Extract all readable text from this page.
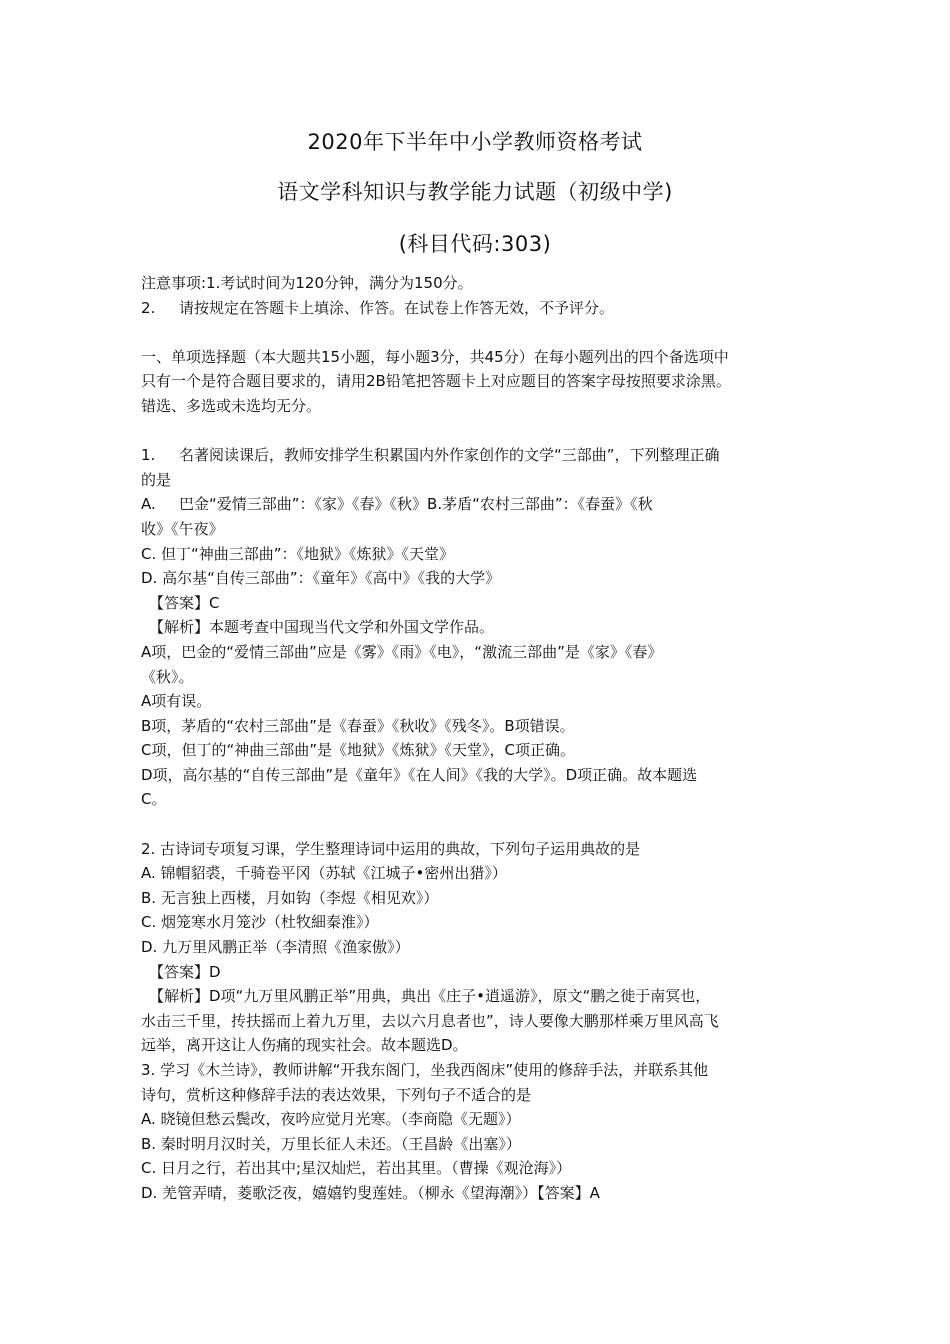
2020年下半年中小学教师资格考试
语文学科知识与教学能力试题（初级中学)
(科目代码:303)
注意事项:1.考试时间为120分钟，满分为150分。
2. 请按规定在答题卡上填涂、作答。在试卷上作答无效，不予评分。
一、单项选择题（本大题共15小题，每小题3分，共45分）在每小题列出的四个备选项中
只有一个是符合题目要求的，请用2B铅笔把答题卡上对应题目的答案字母按照要求涂黑。
错选、多选或未选均无分。
1. 名著阅读课后，教师安排学生积累国内外作家创作的文学“三部曲”，下列整理正确
的是
A. 巴金“爱情三部曲”：《家》《春》《秋》B.茅盾“农村三部曲”：《春蚕》《秋
收》《午夜》
C. 但丁“神曲三部曲”：《地狱》《炼狱》《天堂》
D. 高尔基“自传三部曲”：《童年》《高中》《我的大学》
【答案】C
【解析】本题考查中国现当代文学和外国文学作品。
A项，巴金的“爱情三部曲”应是《雾》《雨》《电》，“激流三部曲”是《家》《春》
《秋》。
A项有误。
B项，茅盾的“农村三部曲”是《春蚕》《秋收》《残冬》。B项错误。
C项，但丁的“神曲三部曲”是《地狱》《炼狱》《天堂》，C项正确。
D项，高尔基的“自传三部曲”是《童年》《在人间》《我的大学》。D项正确。故本题选
C。
2. 古诗词专项复习课，学生整理诗词中运用的典故，下列句子运用典故的是
A. 锦帽貂裘，千骑卷平冈（苏轼《江城子•密州出猎》）
B. 无言独上西楼，月如钩（李煜《相见欢》）
C. 烟笼寒水月笼沙（杜牧細秦淮》）
D. 九万里风鹏正举（李清照《渔家傲》）
【答案】D
【解析】D项“九万里风鹏正举”用典，典出《庄子•逍遥游》，原文“鹏之徙于南冥也，
水击三千里，抟扶摇而上着九万里，去以六月息者也”，诗人要像大鹏那样乘万里风高飞
远举，离开这让人伤痛的现实社会。故本题选D。
3. 学习《木兰诗》，教师讲解“开我东阁门，坐我西阁床”使用的修辞手法，并联系其他
诗句，赏析这种修辞手法的表达效果，下列句子不适合的是
A. 晓镜但愁云鬓改，夜吟应觉月光寒。（李商隐《无题》）
B. 秦时明月汉时关，万里长征人未还。（王昌龄《出塞》）
C. 日月之行，若出其中;星汉灿烂，若出其里。（曹操《观沧海》）
D. 羌管弄晴，菱歌泛夜，嬉嬉钓叟莲娃。（柳永《望海潮》）【答案】A
